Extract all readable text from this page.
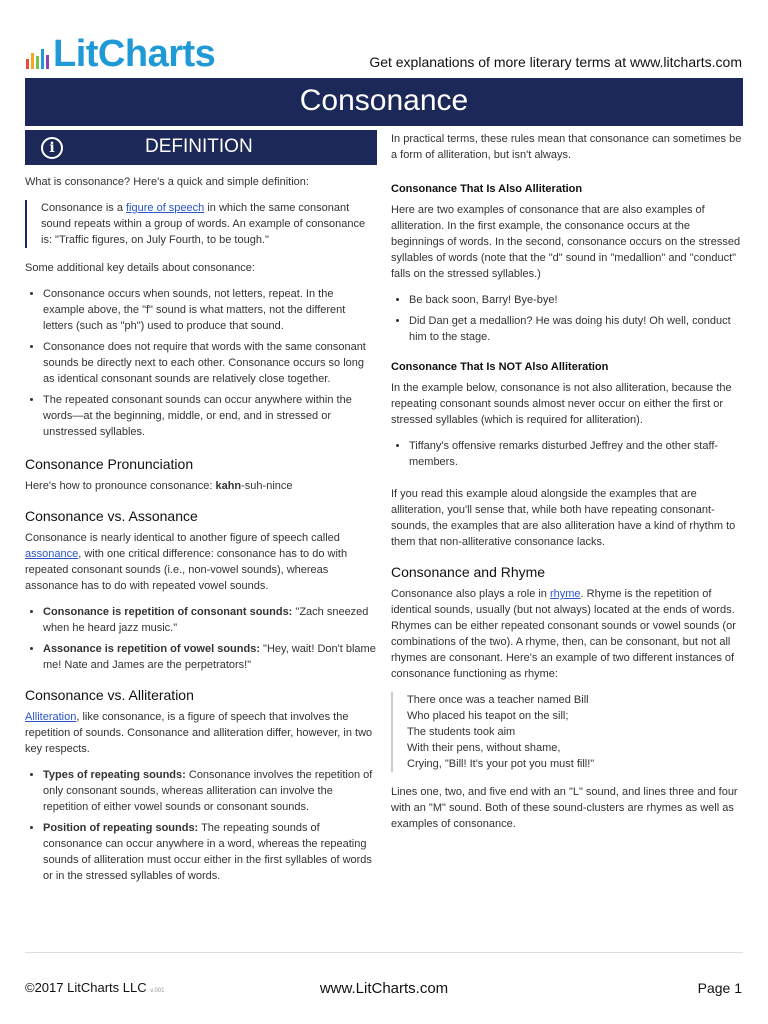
LitCharts	Get explanations of more literary terms at www.litcharts.com
Consonance
i	DEFINITION

What is consonance? Here's a quick and simple definition:

Consonance is a figure of speech in which the same consonant sound repeats within a group of words. An example of consonance is: "Traffic figures, on July Fourth, to be tough."

Some additional key details about consonance:

• Consonance occurs when sounds, not letters, repeat. In the example above, the "f" sound is what matters, not the different letters (such as "ph") used to produce that sound.
• Consonance does not require that words with the same consonant sounds be directly next to each other. Consonance occurs so long as identical consonant sounds are relatively close together.
• The repeated consonant sounds can occur anywhere within the words—at the beginning, middle, or end, and in stressed or unstressed syllables.
Consonance Pronunciation

Here's how to pronounce consonance: kahn-suh-nince

Consonance vs. Assonance

Consonance is nearly identical to another figure of speech called assonance, with one critical difference: consonance has to do with repeated consonant sounds (i.e., non-vowel sounds), whereas assonance has to do with repeated vowel sounds.

• Consonance is repetition of consonant sounds: "Zach sneezed when he heard jazz music."
• Assonance is repetition of vowel sounds: "Hey, wait! Don't blame me! Nate and James are the perpetrators!"
Consonance vs. Alliteration

Alliteration, like consonance, is a figure of speech that involves the repetition of sounds. Consonance and alliteration differ, however, in two key respects.

• Types of repeating sounds: Consonance involves the repetition of only consonant sounds, whereas alliteration can involve the repetition of either vowel sounds or consonant sounds.
• Position of repeating sounds: The repeating sounds of consonance can occur anywhere in a word, whereas the repeating sounds of alliteration must occur either in the first syllables of words or in the stressed syllables of words.

In practical terms, these rules mean that consonance can sometimes be a form of alliteration, but isn't always.

Consonance That Is Also Alliteration

Here are two examples of consonance that are also examples of alliteration. In the first example, the consonance occurs at the beginnings of words. In the second, consonance occurs on the stressed syllables of words (note that the "d" sound in "medallion" and "conduct" falls on the stressed syllables.)

• Be back soon, Barry! Bye-bye!
• Did Dan get a medallion? He was doing his duty! Oh well, conduct him to the stage.
Consonance That Is NOT Also Alliteration

In the example below, consonance is not also alliteration, because the repeating consonant sounds almost never occur on either the first or stressed syllables (which is required for alliteration).

• Tiffany's offensive remarks disturbed Jeffrey and the other staff-members.

If you read this example aloud alongside the examples that are alliteration, you'll sense that, while both have repeating consonant-sounds, the examples that are also alliteration have a kind of rhythm to them that non-alliterative consonance lacks.

Consonance and Rhyme

Consonance also plays a role in rhyme. Rhyme is the repetition of identical sounds, usually (but not always) located at the ends of words. Rhymes can be either repeated consonant sounds or vowel sounds (or combinations of the two). A rhyme, then, can be consonant, but not all rhymes are consonant. Here's an example of two different instances of consonance functioning as rhyme:

There once was a teacher named Bill
Who placed his teapot on the sill;
The students took aim
With their pens, without shame,
Crying, "Bill! It's your pot you must fill!"

Lines one, two, and five end with an "L" sound, and lines three and four with an "M" sound. Both of these sound-clusters are rhymes as well as examples of consonance.

©2017 LitCharts LLC v.001	www.LitCharts.com	Page 1
